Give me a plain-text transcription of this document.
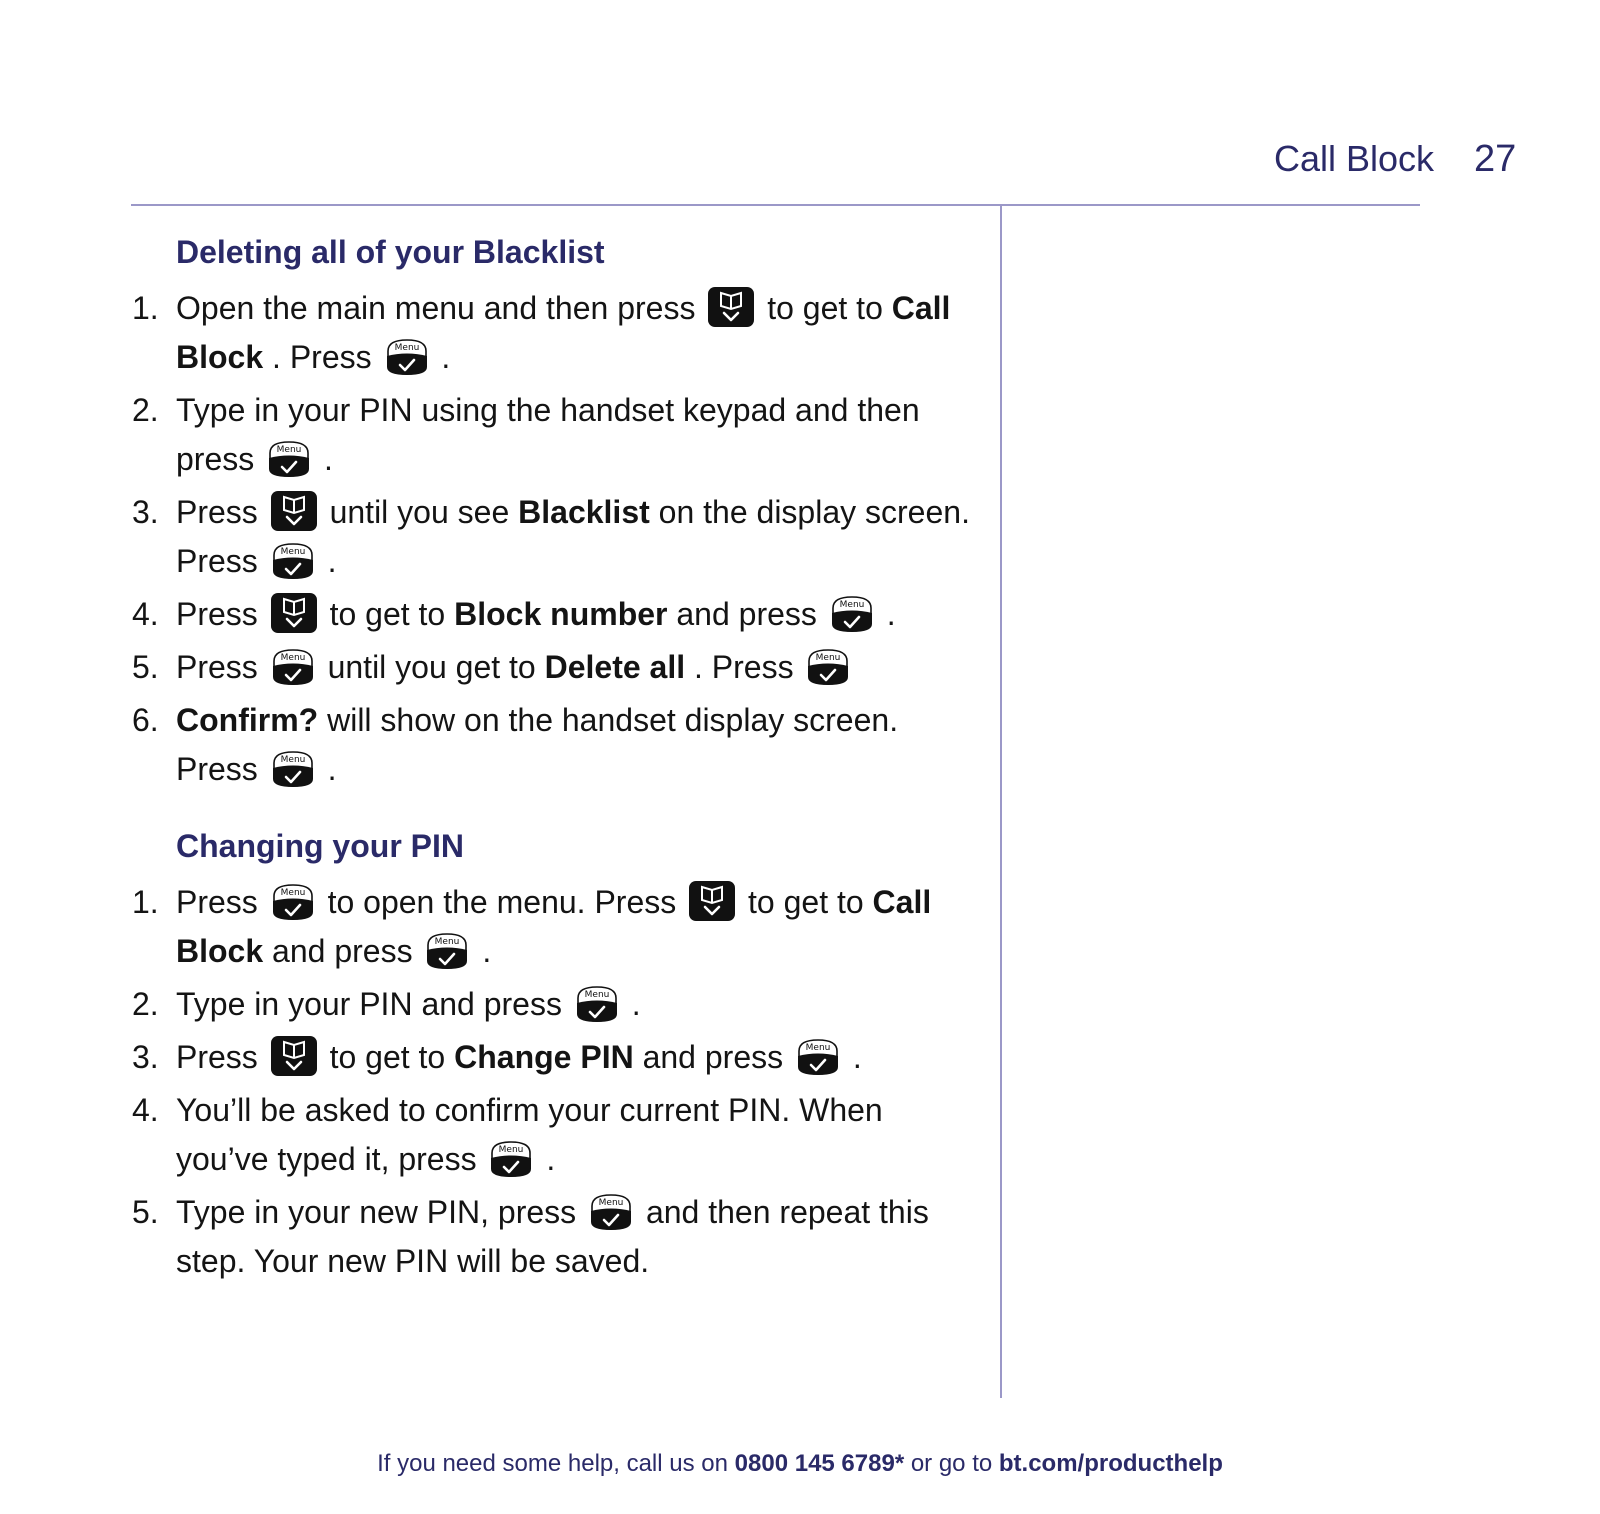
Call Block 27
Deleting all of your Blacklist
1. Open the main menu and then press
to get to Call Block . Press Menu .
2. Type in your PIN using the handset keypad and then press Menu .
3. Press
until you see Blacklist on the display screen. Press Menu .
4. Press
to get to Block number and press Menu .
5. Press Menu until you get to Delete all . Press Menu
6. Confirm? will show on the handset display screen. Press Menu .
Changing your PIN
1. Press Menu to open the menu. Press
to get to Call Block and press Menu .
2. Type in your PIN and press Menu .
3. Press
to get to Change PIN and press Menu .
4. You’ll be asked to confirm your current PIN. When you’ve typed it, press Menu .
5. Type in your new PIN, press Menu and then repeat this step. Your new PIN will be saved.
If you need some help, call us on 0800 145 6789* or go to bt.com/producthelp
